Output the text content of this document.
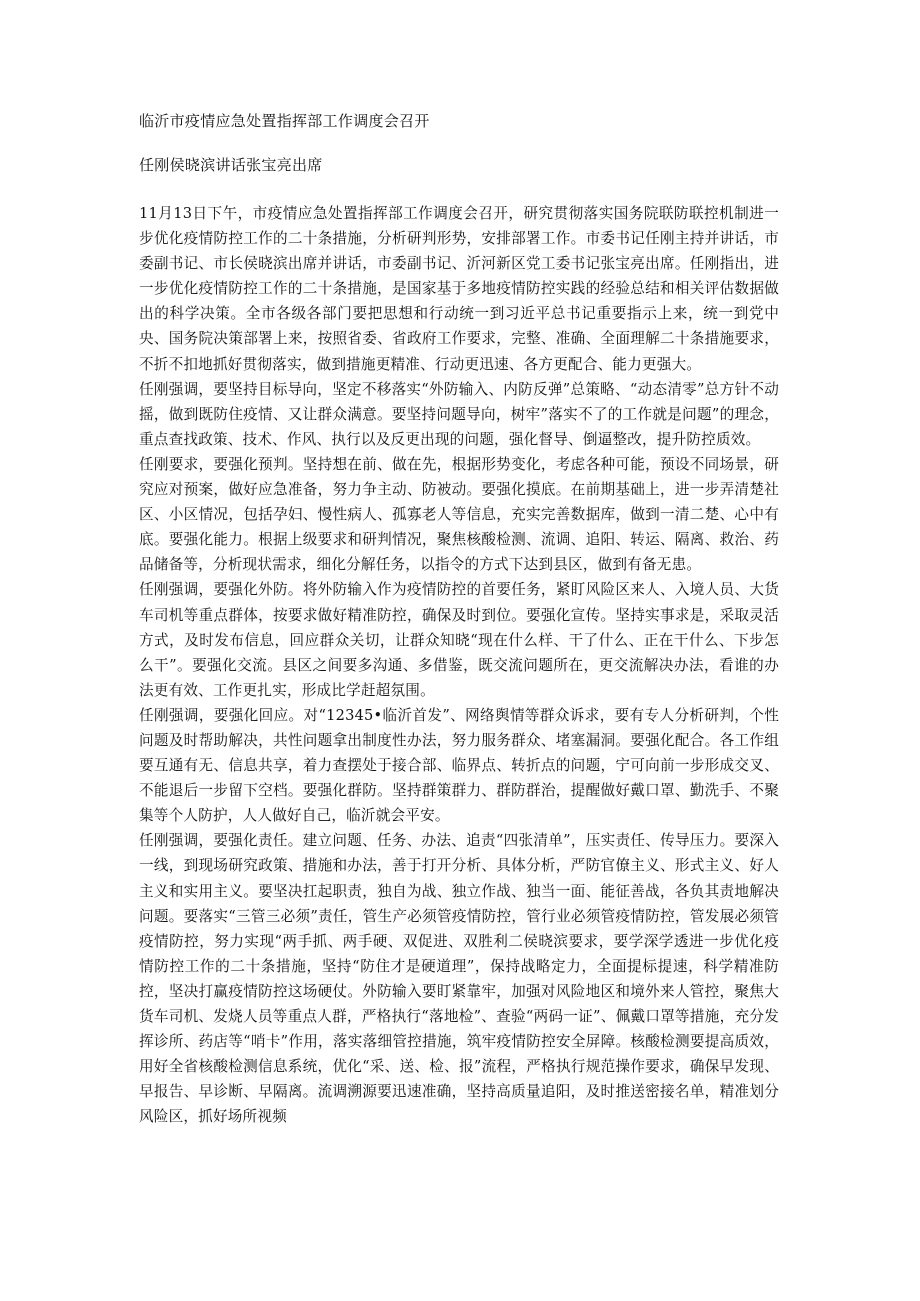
临沂市疫情应急处置指挥部工作调度会召开

任刚侯晓滨讲话张宝亮出席

11月13日下午，市疫情应急处置指挥部工作调度会召开，研究贯彻落实国务院联防联控机制进一步优化疫情防控工作的二十条措施，分析研判形势，安排部署工作。市委书记任刚主持并讲话，市委副书记、市长侯晓滨出席并讲话，市委副书记、沂河新区党工委书记张宝亮出席。任刚指出，进一步优化疫情防控工作的二十条措施，是国家基于多地疫情防控实践的经验总结和相关评估数据做出的科学决策。全市各级各部门要把思想和行动统一到习近平总书记重要指示上来，统一到党中央、国务院决策部署上来，按照省委、省政府工作要求，完整、准确、全面理解二十条措施要求，不折不扣地抓好贯彻落实，做到措施更精准、行动更迅速、各方更配合、能力更强大。

任刚强调，要坚持目标导向，坚定不移落实“外防输入、内防反弹”总策略、“动态清零”总方针不动摇，做到既防住疫情、又让群众满意。要坚持问题导向，树牢”落实不了的工作就是问题”的理念，重点查找政策、技术、作风、执行以及反更出现的问题，强化督导、倒逼整改，提升防控质效。

任刚要求，要强化预判。坚持想在前、做在先，根据形势变化，考虑各种可能，预设不同场景，研究应对预案，做好应急准备，努力争主动、防被动。要强化摸底。在前期基础上，进一步弄清楚社区、小区情况，包括孕妇、慢性病人、孤寡老人等信息，充实完善数据库，做到一清二楚、心中有底。要强化能力。根据上级要求和研判情况，聚焦核酸检测、流调、追阳、转运、隔离、救治、药品储备等，分析现状需求，细化分解任务，以指令的方式下达到县区，做到有备无患。

任刚强调，要强化外防。将外防输入作为疫情防控的首要任务，紧盯风险区来人、入境人员、大货车司机等重点群体，按要求做好精准防控，确保及时到位。要强化宣传。坚持实事求是，采取灵活方式，及时发布信息，回应群众关切，让群众知晓“现在什么样、干了什么、正在干什么、下步怎么干”。要强化交流。县区之间要多沟通、多借鉴，既交流问题所在，更交流解决办法，看谁的办法更有效、工作更扎实，形成比学赶超氛围。

任刚强调，要强化回应。对“12345•临沂首发”、网络舆情等群众诉求，要有专人分析研判，个性问题及时帮助解决，共性问题拿出制度性办法，努力服务群众、堵塞漏洞。要强化配合。各工作组要互通有无、信息共享，着力查摆处于接合部、临界点、转折点的问题，宁可向前一步形成交叉、不能退后一步留下空档。要强化群防。坚持群策群力、群防群治，提醒做好戴口罩、勤洗手、不聚集等个人防护，人人做好自己，临沂就会平安。

任刚强调，要强化责任。建立问题、任务、办法、追责“四张清单”，压实责任、传导压力。要深入一线，到现场研究政策、措施和办法，善于打开分析、具体分析，严防官僚主义、形式主义、好人主义和实用主义。要坚决扛起职责，独自为战、独立作战、独当一面、能征善战，各负其责地解决问题。要落实“三管三必须”责任，管生产必须管疫情防控，管行业必须管疫情防控，管发展必须管疫情防控，努力实现“两手抓、两手硬、双促进、双胜利二侯晓滨要求，要学深学透进一步优化疫情防控工作的二十条措施，坚持“防住才是硬道理”，保持战略定力，全面提标提速，科学精准防控，坚决打赢疫情防控这场硬仗。外防输入要盯紧靠牢，加强对风险地区和境外来人管控，聚焦大货车司机、发烧人员等重点人群，严格执行“落地检”、查验“两码一证”、佩戴口罩等措施，充分发挥诊所、药店等“哨卡”作用，落实落细管控措施，筑牢疫情防控安全屏障。核酸检测要提高质效，用好全省核酸检测信息系统，优化“采、送、检、报”流程，严格执行规范操作要求，确保早发现、早报告、早诊断、早隔离。流调溯源要迅速准确，坚持高质量追阳，及时推送密接名单，精准划分风险区，抓好场所视频
